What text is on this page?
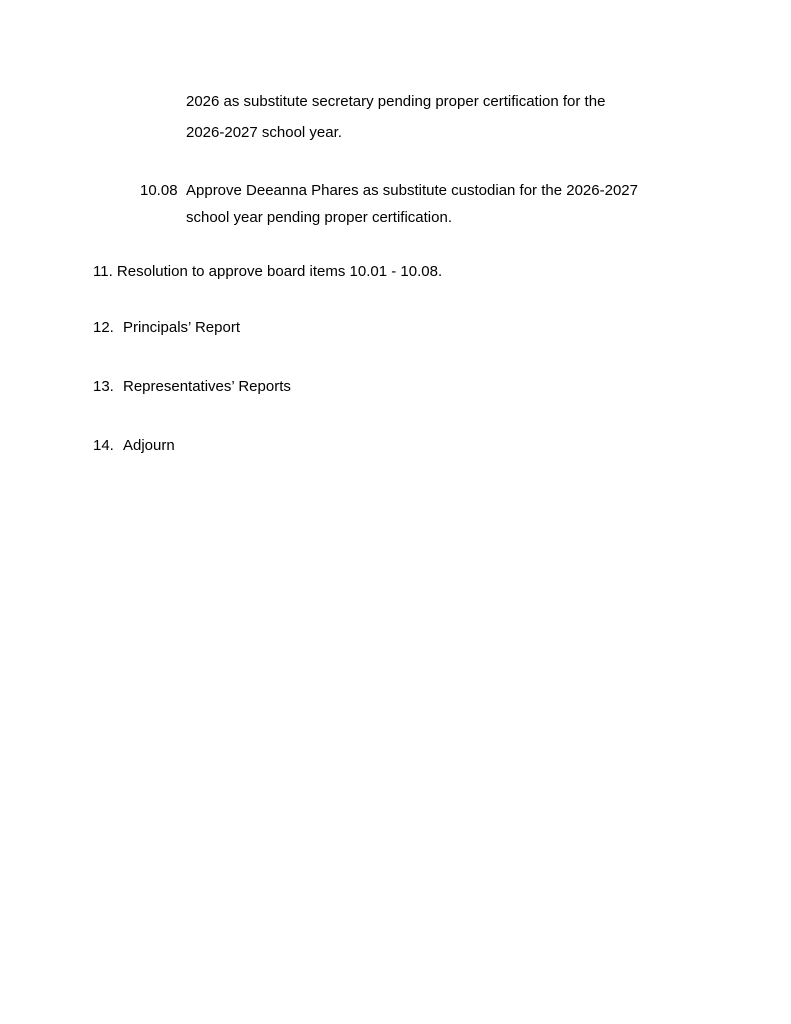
2026 as substitute secretary pending proper certification for the
2026-2027 school year.
10.08 Approve Deeanna Phares as substitute custodian for the 2026-2027
school year pending proper certification.
11. Resolution to approve board items 10.01 - 10.08.
12. Principals’ Report
13. Representatives’ Reports
14. Adjourn
